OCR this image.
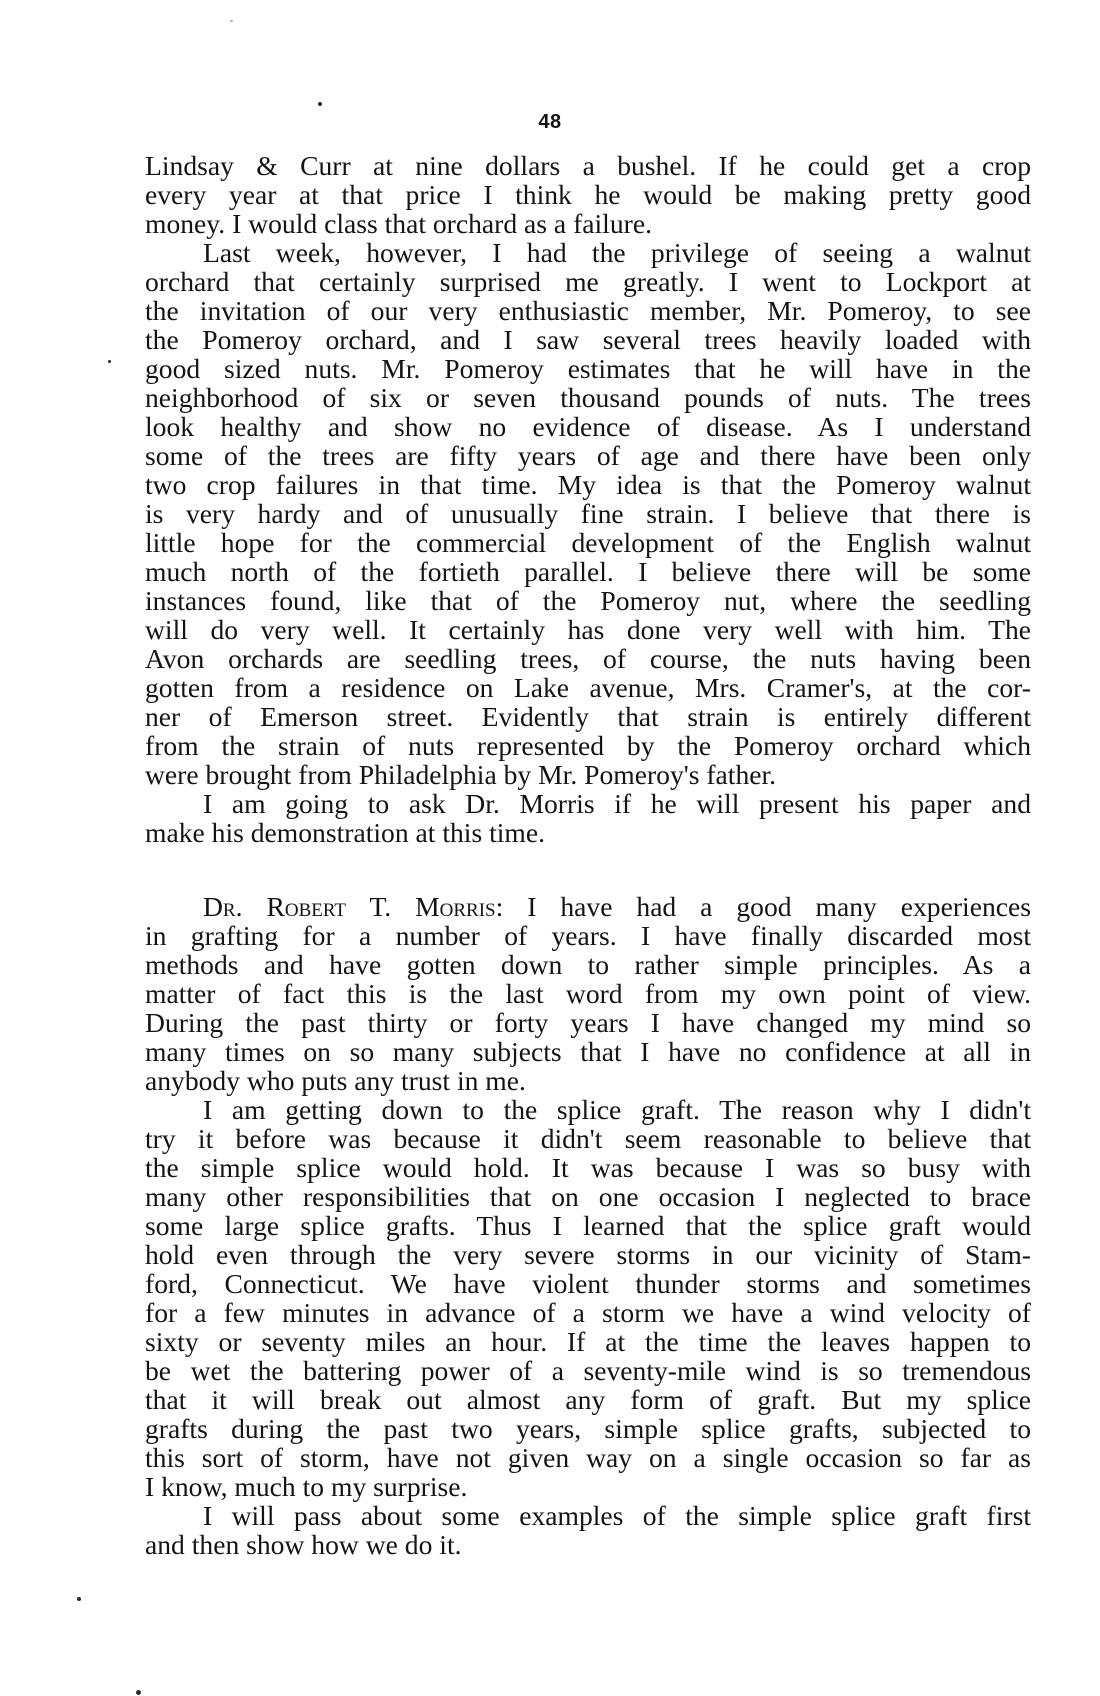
48
Lindsay & Curr at nine dollars a bushel. If he could get a crop
every year at that price I think he would be making pretty good
money. I would class that orchard as a failure.
Last week, however, I had the privilege of seeing a walnut
orchard that certainly surprised me greatly. I went to Lockport at
the invitation of our very enthusiastic member, Mr. Pomeroy, to see
the Pomeroy orchard, and I saw several trees heavily loaded with
good sized nuts. Mr. Pomeroy estimates that he will have in the
neighborhood of six or seven thousand pounds of nuts. The trees
look healthy and show no evidence of disease. As I understand
some of the trees are fifty years of age and there have been only
two crop failures in that time. My idea is that the Pomeroy walnut
is very hardy and of unusually fine strain. I believe that there is
little hope for the commercial development of the English walnut
much north of the fortieth parallel. I believe there will be some
instances found, like that of the Pomeroy nut, where the seedling
will do very well. It certainly has done very well with him. The
Avon orchards are seedling trees, of course, the nuts having been
gotten from a residence on Lake avenue, Mrs. Cramer's, at the cor-
ner of Emerson street. Evidently that strain is entirely different
from the strain of nuts represented by the Pomeroy orchard which
were brought from Philadelphia by Mr. Pomeroy's father.
I am going to ask Dr. Morris if he will present his paper and
make his demonstration at this time.
Dr. Robert T. Morris: I have had a good many experiences
in grafting for a number of years. I have finally discarded most
methods and have gotten down to rather simple principles. As a
matter of fact this is the last word from my own point of view.
During the past thirty or forty years I have changed my mind so
many times on so many subjects that I have no confidence at all in
anybody who puts any trust in me.
I am getting down to the splice graft. The reason why I didn't
try it before was because it didn't seem reasonable to believe that
the simple splice would hold. It was because I was so busy with
many other responsibilities that on one occasion I neglected to brace
some large splice grafts. Thus I learned that the splice graft would
hold even through the very severe storms in our vicinity of Stam-
ford, Connecticut. We have violent thunder storms and sometimes
for a few minutes in advance of a storm we have a wind velocity of
sixty or seventy miles an hour. If at the time the leaves happen to
be wet the battering power of a seventy-mile wind is so tremendous
that it will break out almost any form of graft. But my splice
grafts during the past two years, simple splice grafts, subjected to
this sort of storm, have not given way on a single occasion so far as
I know, much to my surprise.
I will pass about some examples of the simple splice graft first
and then show how we do it.
